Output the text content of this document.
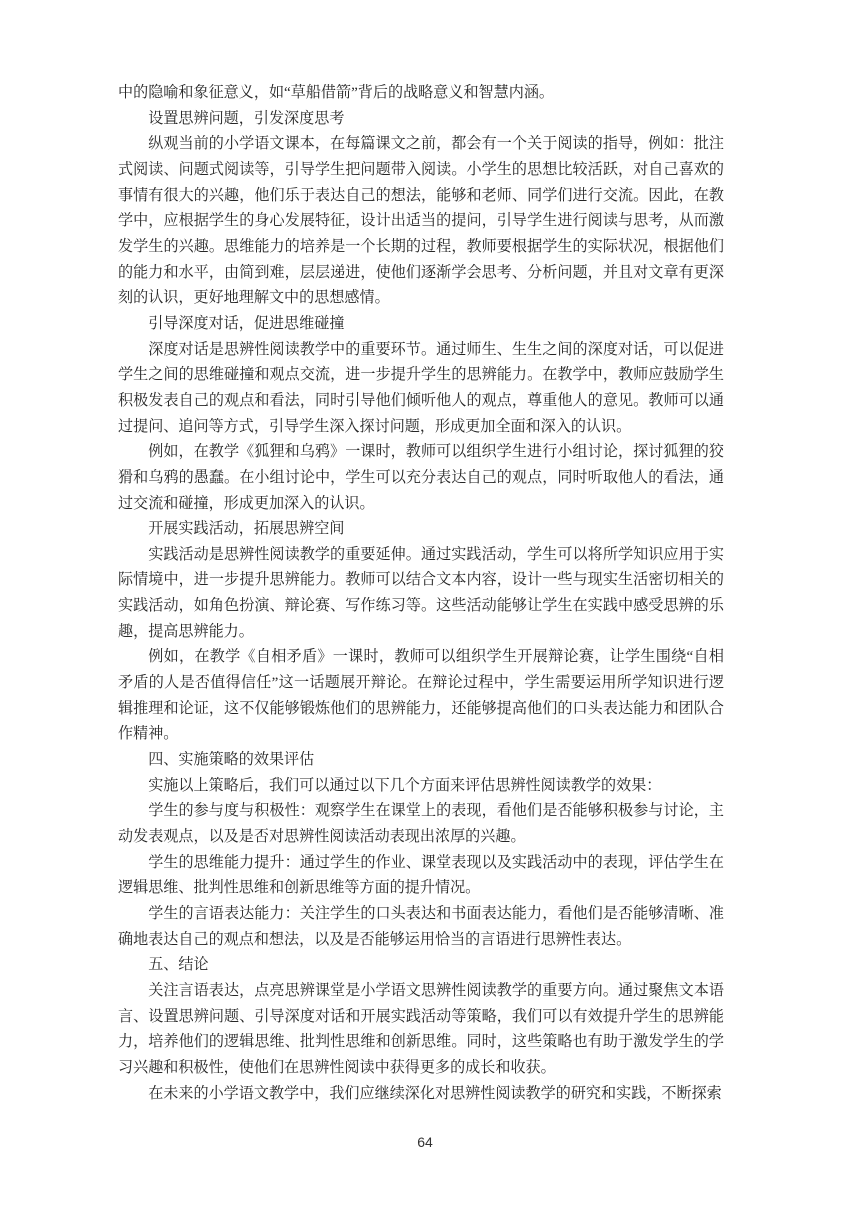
中的隐喻和象征意义，如“草船借箭”背后的战略意义和智慧内涵。

设置思辨问题，引发深度思考

纵观当前的小学语文课本，在每篇课文之前，都会有一个关于阅读的指导，例如：批注式阅读、问题式阅读等，引导学生把问题带入阅读。小学生的思想比较活跃，对自己喜欢的事情有很大的兴趣，他们乐于表达自己的想法，能够和老师、同学们进行交流。因此，在教学中，应根据学生的身心发展特征，设计出适当的提问，引导学生进行阅读与思考，从而激发学生的兴趣。思维能力的培养是一个长期的过程，教师要根据学生的实际状况，根据他们的能力和水平，由简到难，层层递进，使他们逐渐学会思考、分析问题，并且对文章有更深刻的认识，更好地理解文中的思想感情。

引导深度对话，促进思维碰撞

深度对话是思辨性阅读教学中的重要环节。通过师生、生生之间的深度对话，可以促进学生之间的思维碰撞和观点交流，进一步提升学生的思辨能力。在教学中，教师应鼓励学生积极发表自己的观点和看法，同时引导他们倾听他人的观点，尊重他人的意见。教师可以通过提问、追问等方式，引导学生深入探讨问题，形成更加全面和深入的认识。

例如，在教学《狐狸和乌鸦》一课时，教师可以组织学生进行小组讨论，探讨狐狸的狡猾和乌鸦的愚蠢。在小组讨论中，学生可以充分表达自己的观点，同时听取他人的看法，通过交流和碰撞，形成更加深入的认识。

开展实践活动，拓展思辨空间

实践活动是思辨性阅读教学的重要延伸。通过实践活动，学生可以将所学知识应用于实际情境中，进一步提升思辨能力。教师可以结合文本内容，设计一些与现实生活密切相关的实践活动，如角色扮演、辩论赛、写作练习等。这些活动能够让学生在实践中感受思辨的乐趣，提高思辨能力。

例如，在教学《自相矛盾》一课时，教师可以组织学生开展辩论赛，让学生围绕“自相矛盾的人是否值得信任”这一话题展开辩论。在辩论过程中，学生需要运用所学知识进行逻辑推理和论证，这不仅能够锻炼他们的思辨能力，还能够提高他们的口头表达能力和团队合作精神。

四、实施策略的效果评估

实施以上策略后，我们可以通过以下几个方面来评估思辨性阅读教学的效果：

学生的参与度与积极性：观察学生在课堂上的表现，看他们是否能够积极参与讨论，主动发表观点，以及是否对思辨性阅读活动表现出浓厚的兴趣。

学生的思维能力提升：通过学生的作业、课堂表现以及实践活动中的表现，评估学生在逻辑思维、批判性思维和创新思维等方面的提升情况。

学生的言语表达能力：关注学生的口头表达和书面表达能力，看他们是否能够清晰、准确地表达自己的观点和想法，以及是否能够运用恰当的言语进行思辨性表达。

五、结论

关注言语表达，点亮思辨课堂是小学语文思辨性阅读教学的重要方向。通过聚焦文本语言、设置思辨问题、引导深度对话和开展实践活动等策略，我们可以有效提升学生的思辨能力，培养他们的逻辑思维、批判性思维和创新思维。同时，这些策略也有助于激发学生的学习兴趣和积极性，使他们在思辨性阅读中获得更多的成长和收获。

在未来的小学语文教学中，我们应继续深化对思辨性阅读教学的研究和实践，不断探索

64
